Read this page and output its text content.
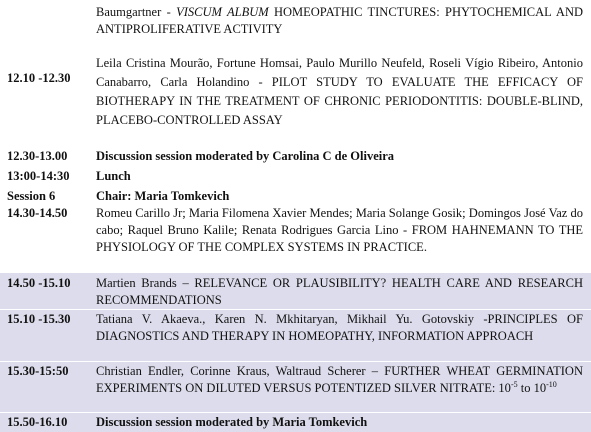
Baumgartner - VISCUM ALBUM HOMEOPATHIC TINCTURES: PHYTOCHEMICAL AND ANTIPROLIFERATIVE ACTIVITY
12.10 -12.30
Leila Cristina Mourão, Fortune Homsai, Paulo Murillo Neufeld, Roseli Vígio Ribeiro, Antonio Canabarro, Carla Holandino - PILOT STUDY TO EVALUATE THE EFFICACY OF BIOTHERAPY IN THE TREATMENT OF CHRONIC PERIODONTITIS: DOUBLE-BLIND, PLACEBO-CONTROLLED ASSAY
12.30-13.00 Discussion session moderated by Carolina C de Oliveira
13:00-14:30 Lunch
Session 6
14.30-14.50
Chair: Maria Tomkevich
Romeu Carillo Jr; Maria Filomena Xavier Mendes; Maria Solange Gosik; Domingos José Vaz do cabo; Raquel Bruno Kalile; Renata Rodrigues Garcia Lino - FROM HAHNEMANN TO THE PHYSIOLOGY OF THE COMPLEX SYSTEMS IN PRACTICE.
14.50 -15.10 Martien Brands – RELEVANCE OR PLAUSIBILITY? HEALTH CARE AND RESEARCH RECOMMENDATIONS
15.10 -15.30 Tatiana V. Akaeva., Karen N. Mkhitaryan, Mikhail Yu. Gotovskiy -PRINCIPLES OF DIAGNOSTICS AND THERAPY IN HOMEOPATHY, INFORMATION APPROACH
15.30-15:50 Christian Endler, Corinne Kraus, Waltraud Scherer – FURTHER WHEAT GERMINATION EXPERIMENTS ON DILUTED VERSUS POTENTIZED SILVER NITRATE: $10^{-5}$ to $10^{-10}$
15.50-16.10 Discussion session moderated by Maria Tomkevich
